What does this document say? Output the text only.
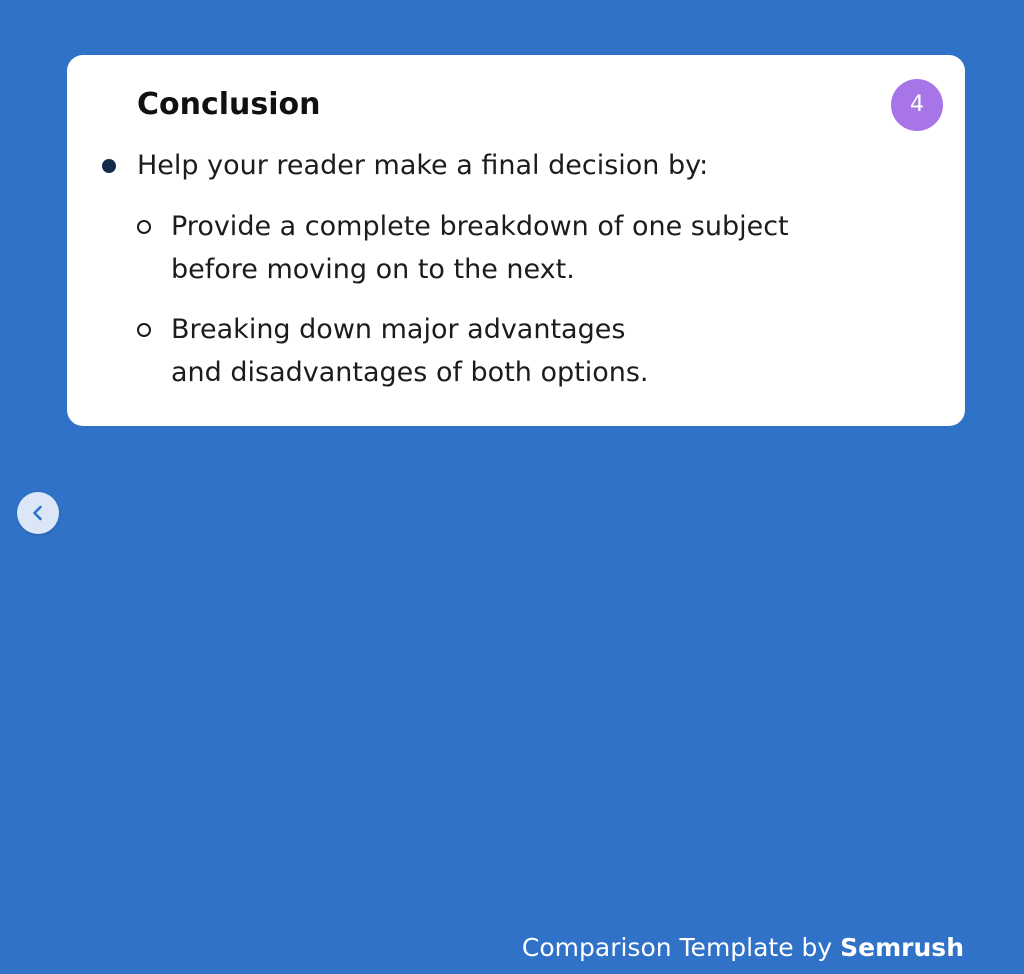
Conclusion	4

Help your reader make a final decision by:

Provide a complete breakdown of one subject
before moving on to the next.

Breaking down major advantages
and disadvantages of both options.

Comparison Template by Semrush
